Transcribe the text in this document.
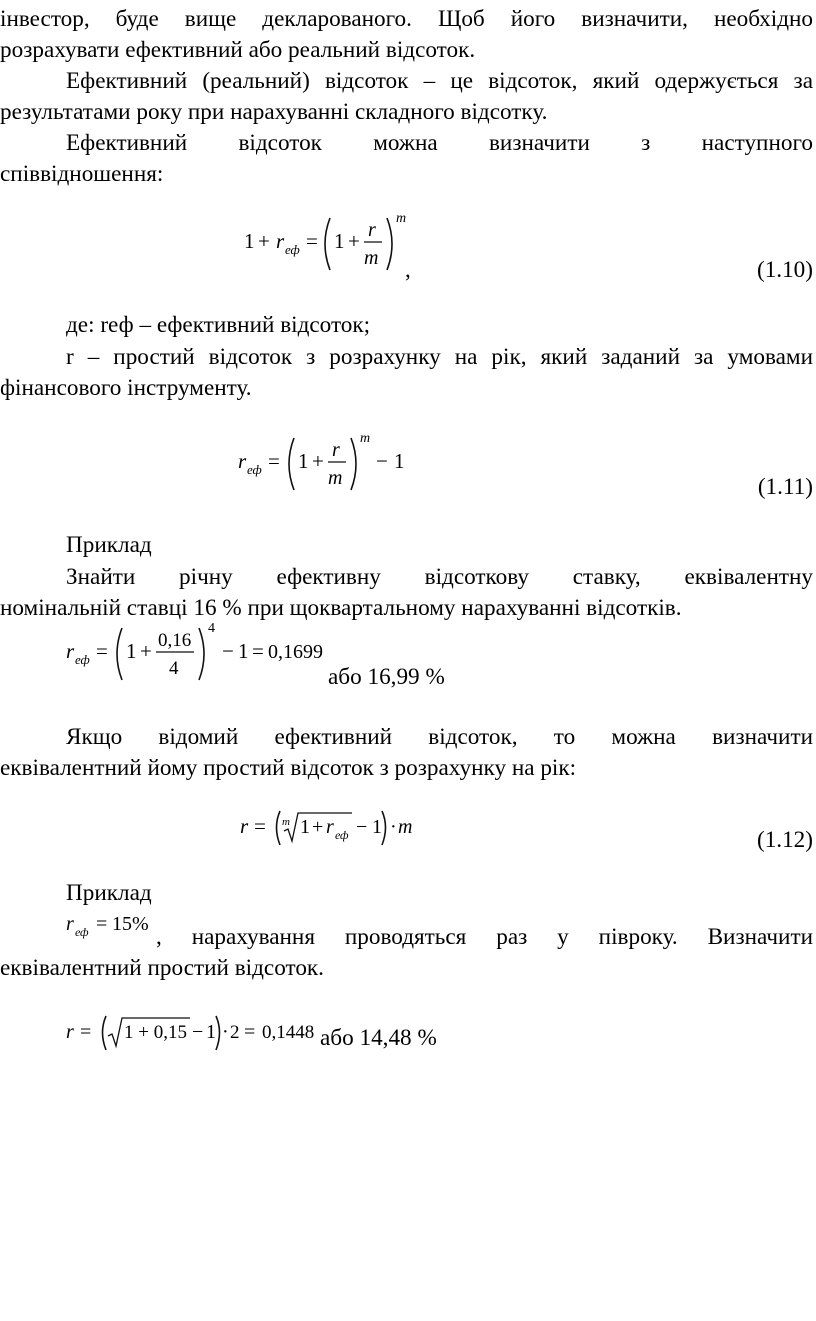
інвестор, буде вище декларованого. Щоб його визначити, необхідно
розрахувати ефективний або реальний відсоток.
Ефективний (реальний) відсоток – це відсоток, який одержується за
результатами року при нарахуванні складного відсотку.
Ефективний відсоток можна визначити з наступного
співвідношення:
1 + r еф = 1 + r
m
m
,	(1.10)
де: rеф – ефективний відсоток;
r – простий відсоток з розрахунку на рік, який заданий за умовами
фінансового інструменту.
r еф = 1 + r
m
m
− 1
(1.11)
Приклад
Знайти річну ефективну відсоткову ставку, еквівалентну
номінальній ставці 16 % при щоквартальному нарахуванні відсотків.
r еф = 1 + 0,16
4
4
− 1 = 0,1699
або 16,99 %
Якщо відомий ефективний відсоток, то можна визначити
еквівалентний йому простий відсоток з розрахунку на рік:
r = m 1 + r еф − 1 · m	(1.12)
Приклад
r еф = 15% , нарахування проводяться раз у півроку. Визначити
еквівалентний простий відсоток.
r = 1 + 0,15 − 1 · 2 = 0,1448 або 14,48 %
